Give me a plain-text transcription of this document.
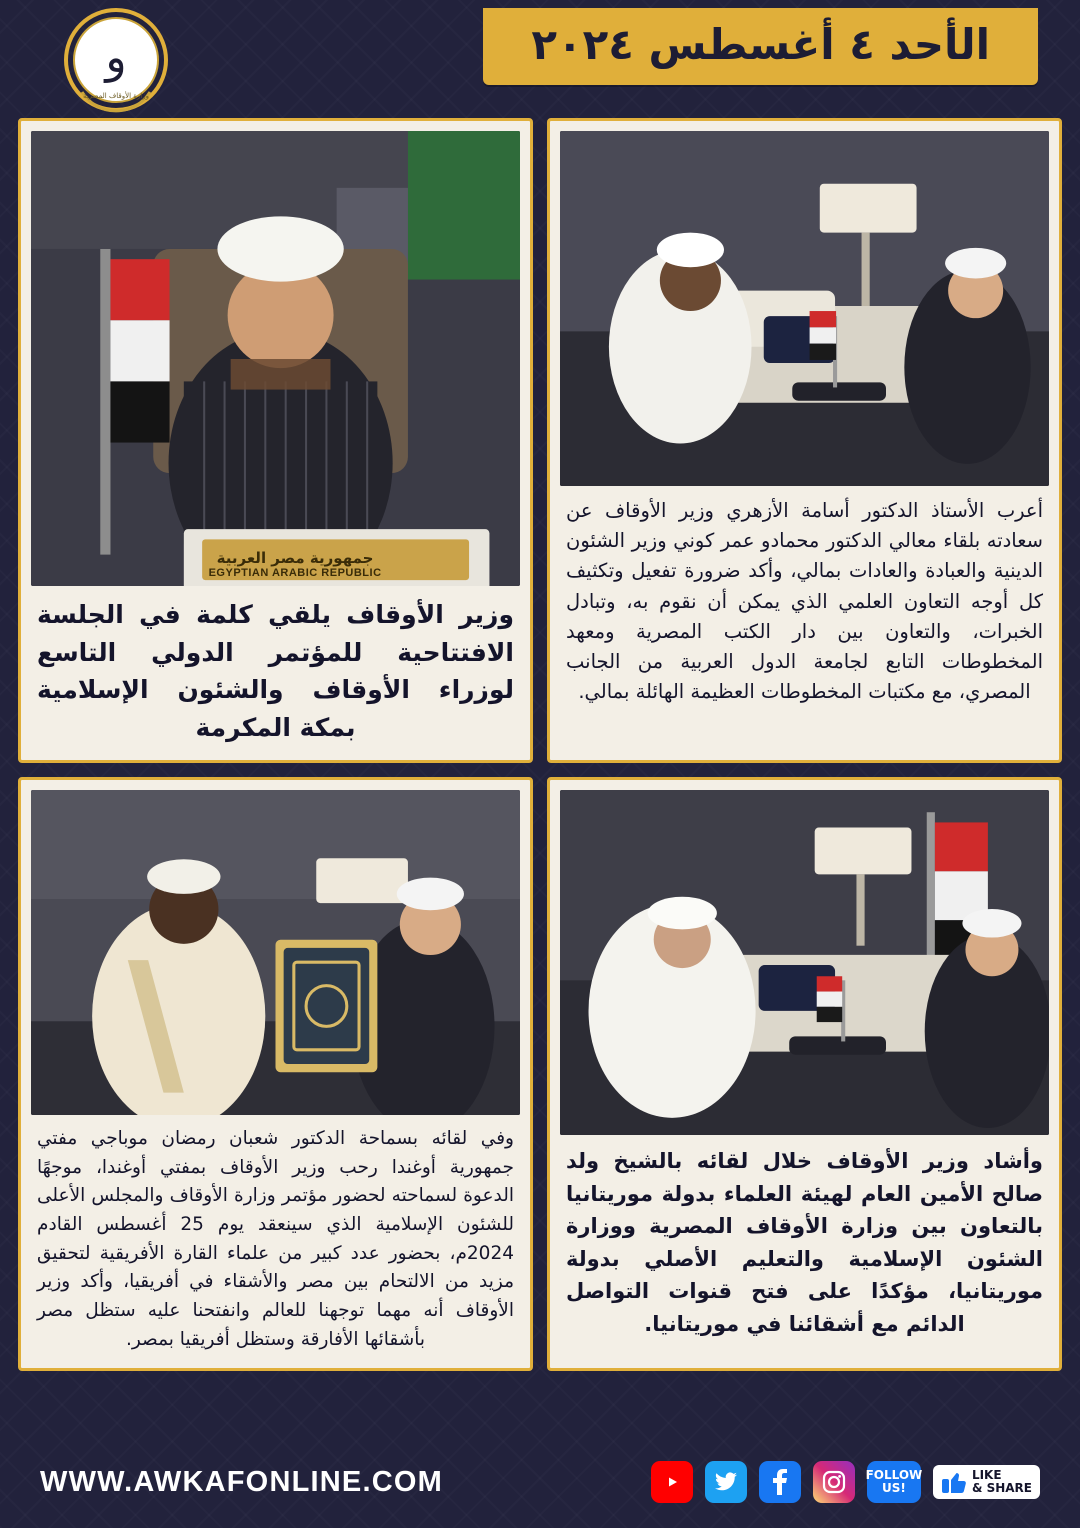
الأحد ٤ أغسطس ٢٠٢٤
و
وزارة الأوقاف المصرية
أعرب الأستاذ الدكتور أسامة الأزهري وزير الأوقاف عن سعادته بلقاء معالي الدكتور محمادو عمر كوني وزير الشئون الدينية والعبادة والعادات بمالي، وأكد ضرورة تفعيل وتكثيف كل أوجه التعاون العلمي الذي يمكن أن نقوم به، وتبادل الخبرات، والتعاون بين دار الكتب المصرية ومعهد المخطوطات التابع لجامعة الدول العربية من الجانب المصري، مع مكتبات المخطوطات العظيمة الهائلة بمالي.
جمهورية مصر العربية
EGYPTIAN ARABIC REPUBLIC
وزير الأوقاف يلقي كلمة في الجلسة الافتتاحية للمؤتمر الدولي التاسع لوزراء الأوقاف والشئون الإسلامية بمكة المكرمة
وأشاد وزير الأوقاف خلال لقائه بالشيخ ولد صالح الأمين العام لهيئة العلماء بدولة موريتانيا بالتعاون بين وزارة الأوقاف المصرية ووزارة الشئون الإسلامية والتعليم الأصلي بدولة موريتانيا، مؤكدًا على فتح قنوات التواصل الدائم مع أشقائنا في موريتانيا.
وفي لقائه بسماحة الدكتور شعبان رمضان موباجي مفتي جمهورية أوغندا رحب وزير الأوقاف بمفتي أوغندا، موجهًا الدعوة لسماحته لحضور مؤتمر وزارة الأوقاف والمجلس الأعلى للشئون الإسلامية الذي سينعقد يوم 25 أغسطس القادم 2024م، بحضور عدد كبير من علماء القارة الأفريقية لتحقيق مزيد من الالتحام بين مصر والأشقاء في أفريقيا، وأكد وزير الأوقاف أنه مهما توجهنا للعالم وانفتحنا عليه ستظل مصر بأشقائها الأفارقة وستظل أفريقيا بمصر.
FOLLOW
US!
LIKE
& SHARE
WWW.AWKAFONLINE.COM
